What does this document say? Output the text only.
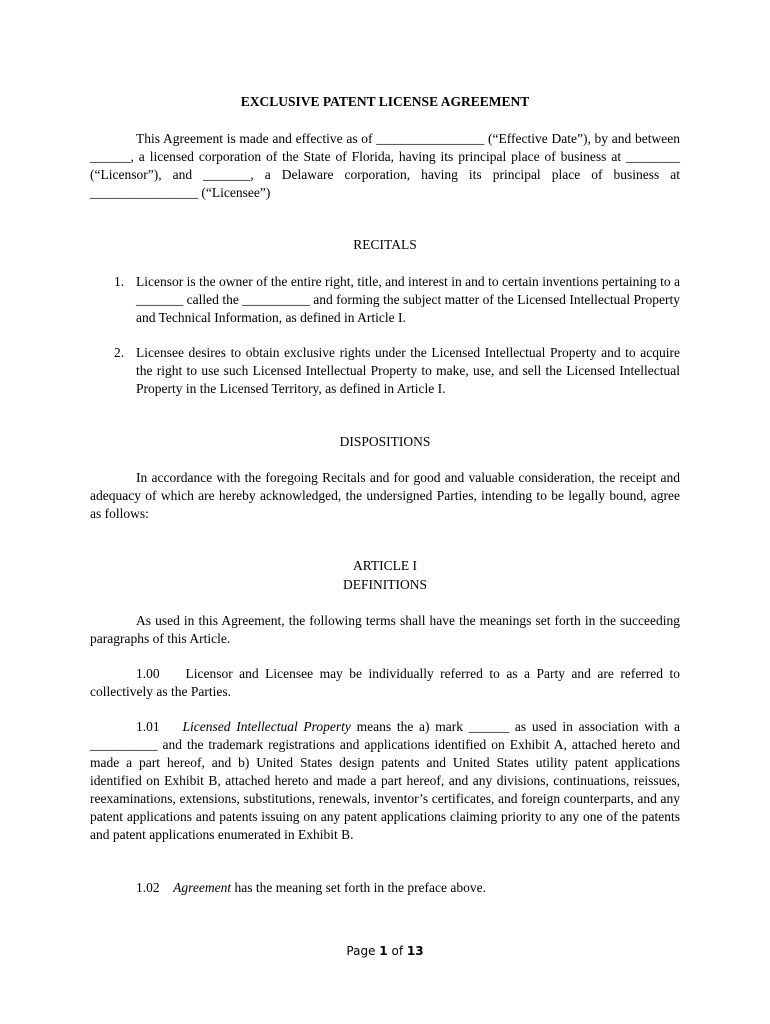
EXCLUSIVE PATENT LICENSE AGREEMENT
This Agreement is made and effective as of ________________ (“Effective Date”), by and between ______, a licensed corporation of the State of Florida, having its principal place of business at ________ (“Licensor”), and _______, a Delaware corporation, having its principal place of business at ________________ (“Licensee”)
RECITALS
1. Licensor is the owner of the entire right, title, and interest in and to certain inventions pertaining to a _______ called the __________ and forming the subject matter of the Licensed Intellectual Property and Technical Information, as defined in Article I.
2. Licensee desires to obtain exclusive rights under the Licensed Intellectual Property and to acquire the right to use such Licensed Intellectual Property to make, use, and sell the Licensed Intellectual Property in the Licensed Territory, as defined in Article I.
DISPOSITIONS
In accordance with the foregoing Recitals and for good and valuable consideration, the receipt and adequacy of which are hereby acknowledged, the undersigned Parties, intending to be legally bound, agree as follows:
ARTICLE I
DEFINITIONS
As used in this Agreement, the following terms shall have the meanings set forth in the succeeding paragraphs of this Article.
1.00 Licensor and Licensee may be individually referred to as a Party and are referred to collectively as the Parties.
1.01 Licensed Intellectual Property means the a) mark ______ as used in association with a __________ and the trademark registrations and applications identified on Exhibit A, attached hereto and made a part hereof, and b) United States design patents and United States utility patent applications identified on Exhibit B, attached hereto and made a part hereof, and any divisions, continuations, reissues, reexaminations, extensions, substitutions, renewals, inventor’s certificates, and foreign counterparts, and any patent applications and patents issuing on any patent applications claiming priority to any one of the patents and patent applications enumerated in Exhibit B.
1.02 Agreement has the meaning set forth in the preface above.
Page 1 of 13
